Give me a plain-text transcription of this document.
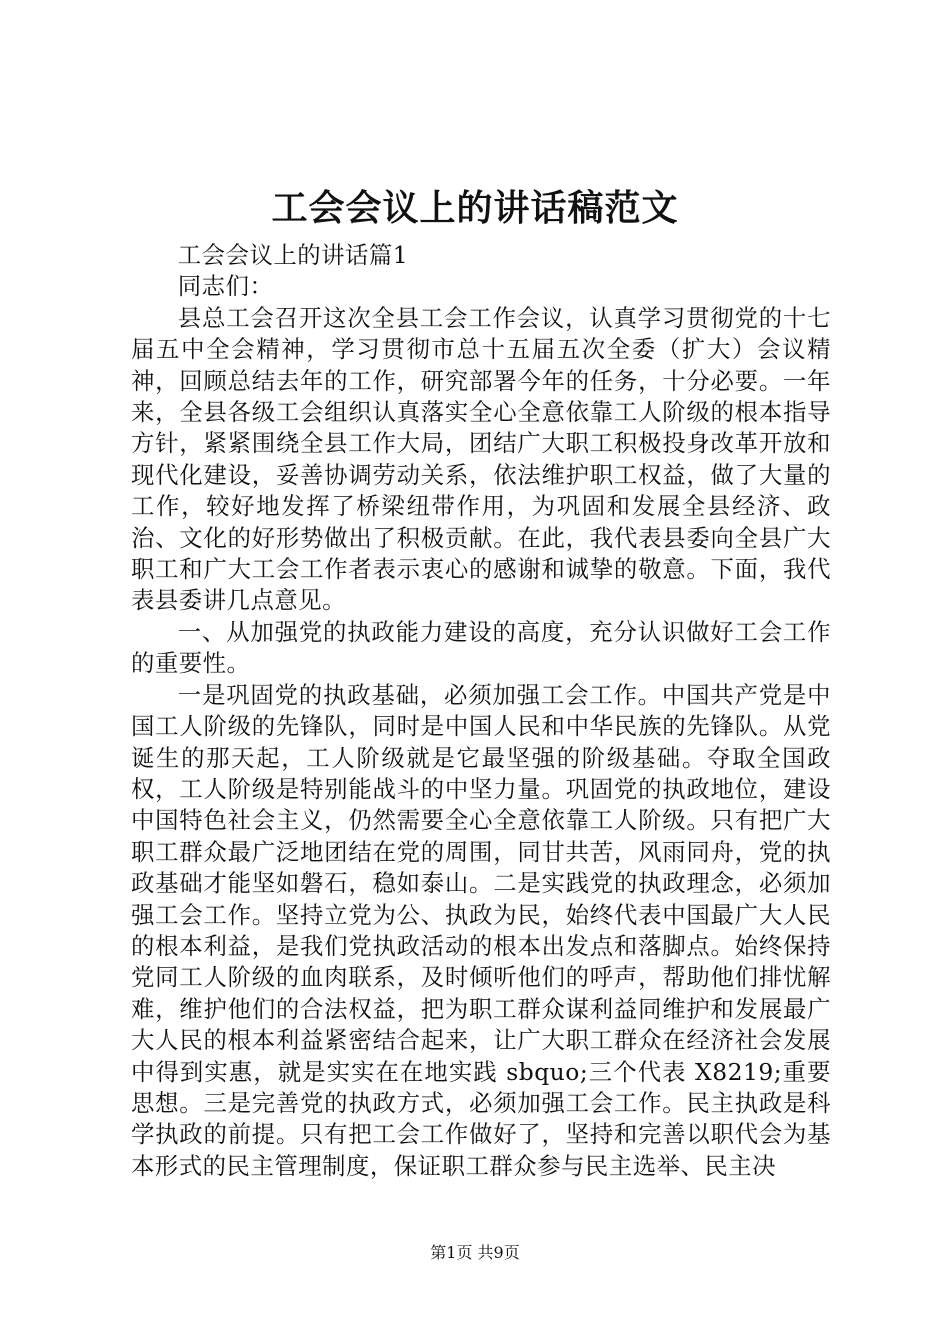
工会会议上的讲话稿范文

工会会议上的讲话篇1

同志们：

县总工会召开这次全县工会工作会议，认真学习贯彻党的十七届五中全会精神，学习贯彻市总十五届五次全委（扩大）会议精神，回顾总结去年的工作，研究部署今年的任务，十分必要。一年来，全县各级工会组织认真落实全心全意依靠工人阶级的根本指导方针，紧紧围绕全县工作大局，团结广大职工积极投身改革开放和现代化建设，妥善协调劳动关系，依法维护职工权益，做了大量的工作，较好地发挥了桥梁纽带作用，为巩固和发展全县经济、政治、文化的好形势做出了积极贡献。在此，我代表县委向全县广大职工和广大工会工作者表示衷心的感谢和诚挚的敬意。下面，我代表县委讲几点意见。

一、从加强党的执政能力建设的高度，充分认识做好工会工作的重要性。

一是巩固党的执政基础，必须加强工会工作。中国共产党是中国工人阶级的先锋队，同时是中国人民和中华民族的先锋队。从党诞生的那天起，工人阶级就是它最坚强的阶级基础。夺取全国政权，工人阶级是特别能战斗的中坚力量。巩固党的执政地位，建设中国特色社会主义，仍然需要全心全意依靠工人阶级。只有把广大职工群众最广泛地团结在党的周围，同甘共苦，风雨同舟，党的执政基础才能坚如磐石，稳如泰山。二是实践党的执政理念，必须加强工会工作。坚持立党为公、执政为民，始终代表中国最广大人民的根本利益，是我们党执政活动的根本出发点和落脚点。始终保持党同工人阶级的血肉联系，及时倾听他们的呼声，帮助他们排忧解难，维护他们的合法权益，把为职工群众谋利益同维护和发展最广大人民的根本利益紧密结合起来，让广大职工群众在经济社会发展中得到实惠，就是实实在在地实践 sbquo;三个代表 X8219;重要思想。三是完善党的执政方式，必须加强工会工作。民主执政是科学执政的前提。只有把工会工作做好了，坚持和完善以职代会为基本形式的民主管理制度，保证职工群众参与民主选举、民主决

第1页 共9页
